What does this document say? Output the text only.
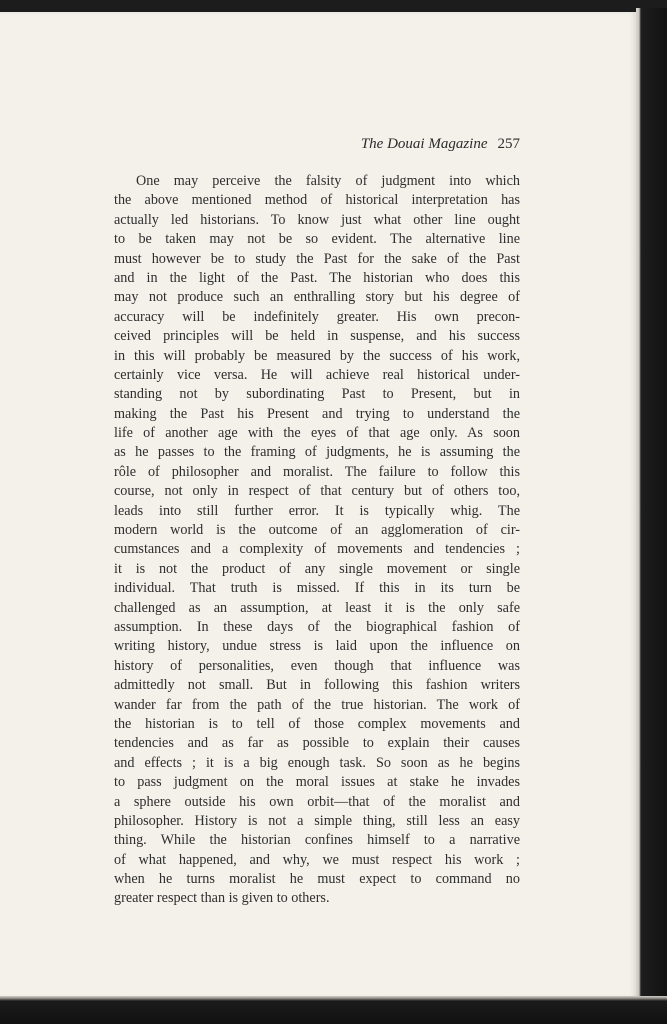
The Douai Magazine 257
One may perceive the falsity of judgment into which
the above mentioned method of historical interpretation has
actually led historians. To know just what other line ought
to be taken may not be so evident. The alternative line
must however be to study the Past for the sake of the Past
and in the light of the Past. The historian who does this
may not produce such an enthralling story but his degree of
accuracy will be indefinitely greater. His own precon-
ceived principles will be held in suspense, and his success
in this will probably be measured by the success of his work,
certainly vice versa. He will achieve real historical under-
standing not by subordinating Past to Present, but in
making the Past his Present and trying to understand the
life of another age with the eyes of that age only. As soon
as he passes to the framing of judgments, he is assuming the
rôle of philosopher and moralist. The failure to follow this
course, not only in respect of that century but of others too,
leads into still further error. It is typically whig. The
modern world is the outcome of an agglomeration of cir-
cumstances and a complexity of movements and tendencies ;
it is not the product of any single movement or single
individual. That truth is missed. If this in its turn be
challenged as an assumption, at least it is the only safe
assumption. In these days of the biographical fashion of
writing history, undue stress is laid upon the influence on
history of personalities, even though that influence was
admittedly not small. But in following this fashion writers
wander far from the path of the true historian. The work of
the historian is to tell of those complex movements and
tendencies and as far as possible to explain their causes
and effects ; it is a big enough task. So soon as he begins
to pass judgment on the moral issues at stake he invades
a sphere outside his own orbit—that of the moralist and
philosopher. History is not a simple thing, still less an easy
thing. While the historian confines himself to a narrative
of what happened, and why, we must respect his work ;
when he turns moralist he must expect to command no
greater respect than is given to others.
